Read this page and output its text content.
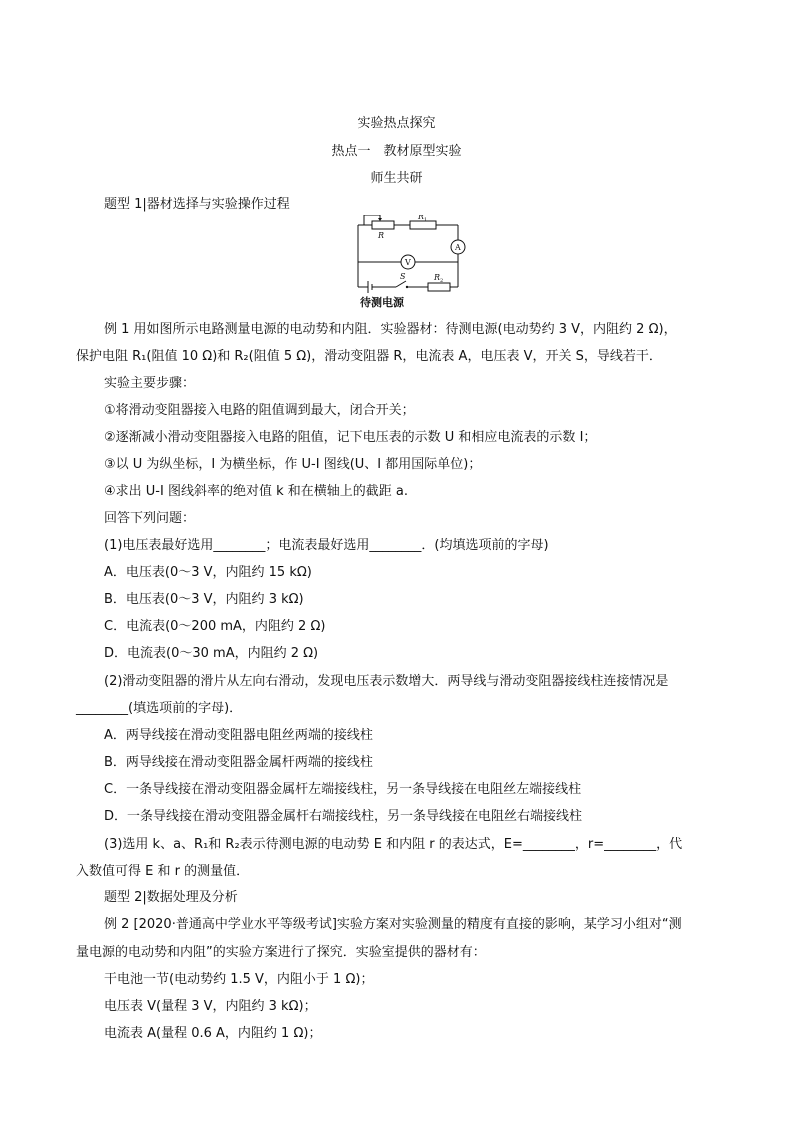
实验热点探究
热点一　教材原型实验
师生共研
题型 1|器材选择与实验操作过程
R
R 1
A
V
S	R 2
待测电源
例 1 用如图所示电路测量电源的电动势和内阻．实验器材：待测电源(电动势约 3 V，内阻约 2 Ω)，
保护电阻 R₁(阻值 10 Ω)和 R₂(阻值 5 Ω)，滑动变阻器 R，电流表 A，电压表 V，开关 S，导线若干．
实验主要步骤：
①将滑动变阻器接入电路的阻值调到最大，闭合开关；
②逐渐减小滑动变阻器接入电路的阻值，记下电压表的示数 U 和相应电流表的示数 I；
③以 U 为纵坐标，I 为横坐标，作 U-I 图线(U、I 都用国际单位)；
④求出 U-I 图线斜率的绝对值 k 和在横轴上的截距 a.
回答下列问题：
(1)电压表最好选用________；电流表最好选用________．(均填选项前的字母)
A．电压表(0～3 V，内阻约 15 kΩ)
B．电压表(0～3 V，内阻约 3 kΩ)
C．电流表(0～200 mA，内阻约 2 Ω)
D．电流表(0～30 mA，内阻约 2 Ω)
(2)滑动变阻器的滑片从左向右滑动，发现电压表示数增大．两导线与滑动变阻器接线柱连接情况是
________(填选项前的字母)．
A．两导线接在滑动变阻器电阻丝两端的接线柱
B．两导线接在滑动变阻器金属杆两端的接线柱
C．一条导线接在滑动变阻器金属杆左端接线柱，另一条导线接在电阻丝左端接线柱
D．一条导线接在滑动变阻器金属杆右端接线柱，另一条导线接在电阻丝右端接线柱
(3)选用 k、a、R₁和 R₂表示待测电源的电动势 E 和内阻 r 的表达式，E=________，r=________，代
入数值可得 E 和 r 的测量值．
题型 2|数据处理及分析
例 2 [2020·普通高中学业水平等级考试]实验方案对实验测量的精度有直接的影响，某学习小组对“测
量电源的电动势和内阻”的实验方案进行了探究．实验室提供的器材有：
干电池一节(电动势约 1.5 V，内阻小于 1 Ω)；
电压表 V(量程 3 V，内阻约 3 kΩ)；
电流表 A(量程 0.6 A，内阻约 1 Ω)；
